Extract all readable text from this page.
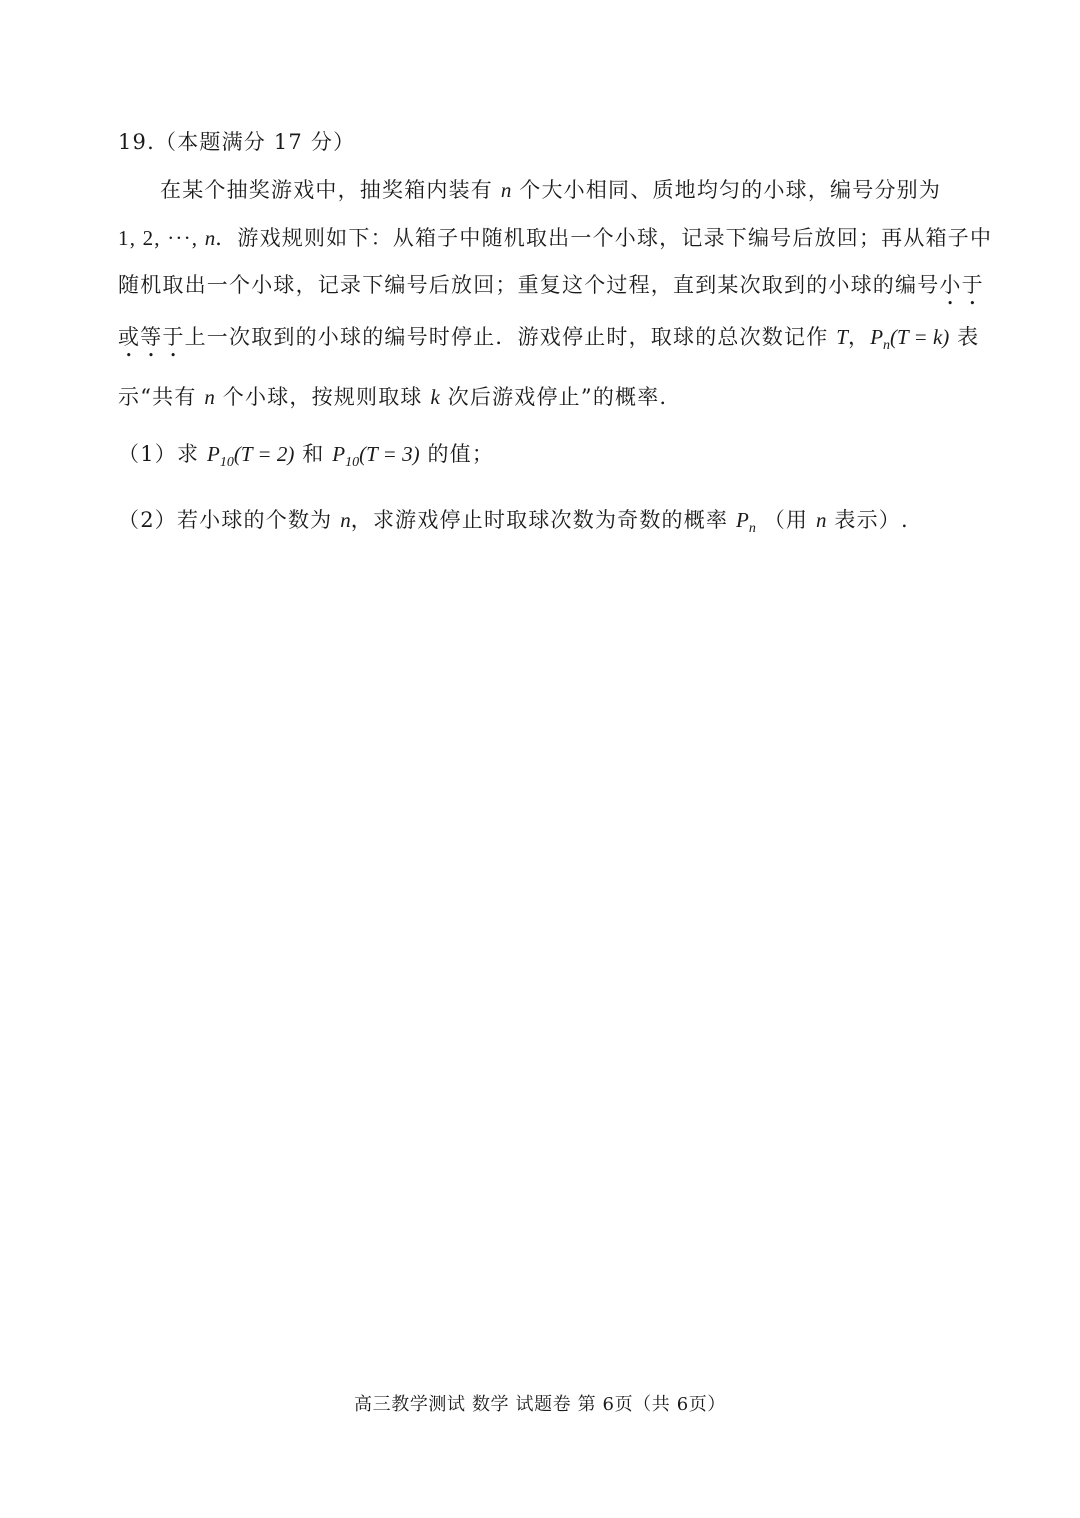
19.（本题满分 17 分）
在某个抽奖游戏中，抽奖箱内装有 n 个大小相同、质地均匀的小球，编号分别为
1, 2, ···, n．游戏规则如下：从箱子中随机取出一个小球，记录下编号后放回；再从箱子中
随机取出一个小球，记录下编号后放回；重复这个过程，直到某次取到的小球的编号小于
或等于上一次取到的小球的编号时停止．游戏停止时，取球的总次数记作 T，$P_n(T = k)$ 表
示“共有 n 个小球，按规则取球 k 次后游戏停止”的概率.
（1）求 $P_{10}(T = 2)$ 和 $P_{10}(T = 3)$ 的值；
（2）若小球的个数为 n，求游戏停止时取球次数为奇数的概率 $P_n$ （用 n 表示）.
高三教学测试 数学 试题卷 第 6页（共 6页）
